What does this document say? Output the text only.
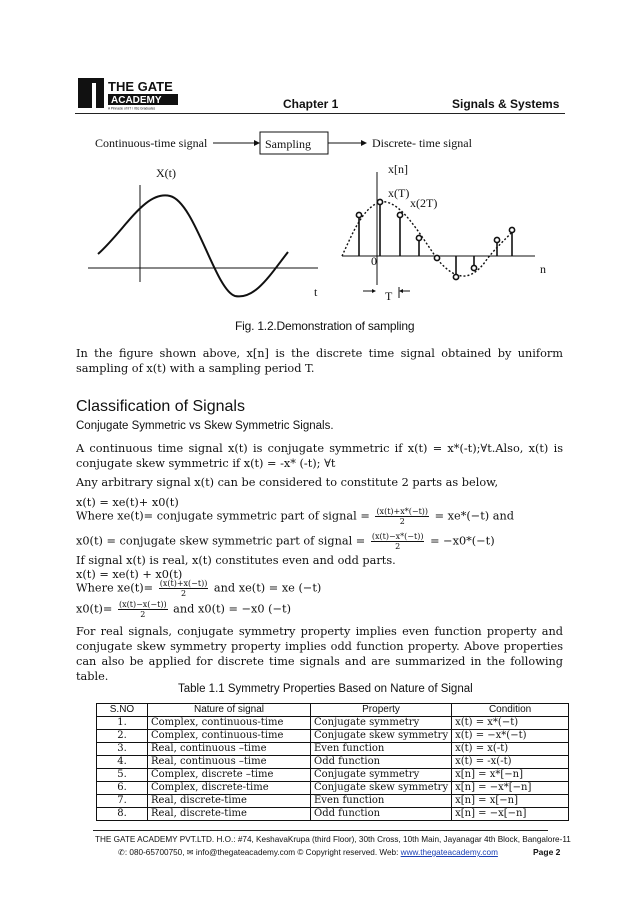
THE GATE
ACADEMY
A Pinnacle of IIT / IISc Graduates	Chapter 1	Signals & Systems
Continuous-time signal	Discrete- time signal
X(t)
t
x[n]
x(T)
x(2T)
0
n
T
Sampling
Fig. 1.2.Demonstration of sampling
In the figure shown above, x[n] is the discrete time signal obtained by uniform sampling of x(t) with a sampling period T.
Classification of Signals
Conjugate Symmetric vs Skew Symmetric Signals.
A continuous time signal x(t) is conjugate symmetric if x(t) = x*(-t);∀t.Also, x(t) is conjugate skew symmetric if x(t) = -x* (-t); ∀t
Any arbitrary signal x(t) can be considered to constitute 2 parts as below,
x(t) = xe(t)+ x0(t)
Where xe(t)= conjugate symmetric part of signal = $\frac{(x(t)+x*(-t))}{2} = xe*(-t)$ and
x0(t) = conjugate skew symmetric part of signal = $\frac{(x(t)-x*(-t))}{2} = -x0*(-t)$
If signal x(t) is real, x(t) constitutes even and odd parts.
x(t) = xe(t) + x0(t)
Where $xe(t)= \frac{(x(t)+x(-t))}{2}$ and xe(t) = xe (−t)
$x0(t)= \frac{(x(t)-x(-t))}{2}$ and x0(t) = −x0 (−t)
For real signals, conjugate symmetry property implies even function property and conjugate skew symmetry property implies odd function property. Above properties can also be applied for discrete time signals and are summarized in the following table.
Table 1.1 Symmetry Properties Based on Nature of Signal
S.NO	Nature of signal	Property	Condition
1.	Complex, continuous-time	Conjugate symmetry	x(t) = x*(−t)
2.	Complex, continuous-time	Conjugate skew symmetry	x(t) = −x*(−t)
3.	Real, continuous –time	Even function	x(t) = x(-t)
4.	Real, continuous –time	Odd function	x(t) = -x(-t)
5.	Complex, discrete –time	Conjugate symmetry	x[n] = x*[−n]
6.	Complex, discrete-time	Conjugate skew symmetry	x[n] = −x*[−n]
7.	Real, discrete-time	Even function	x[n] = x[−n]
8.	Real, discrete-time	Odd function	x[n] = −x[−n]
THE GATE ACADEMY PVT.LTD. H.O.: #74, KeshavaKrupa (third Floor), 30th Cross, 10th Main, Jayanagar 4th Block, Bangalore-11
✆: 080-65700750, ✉ info@thegateacademy.com © Copyright reserved. Web: www.thegateacademy.com	Page 2
